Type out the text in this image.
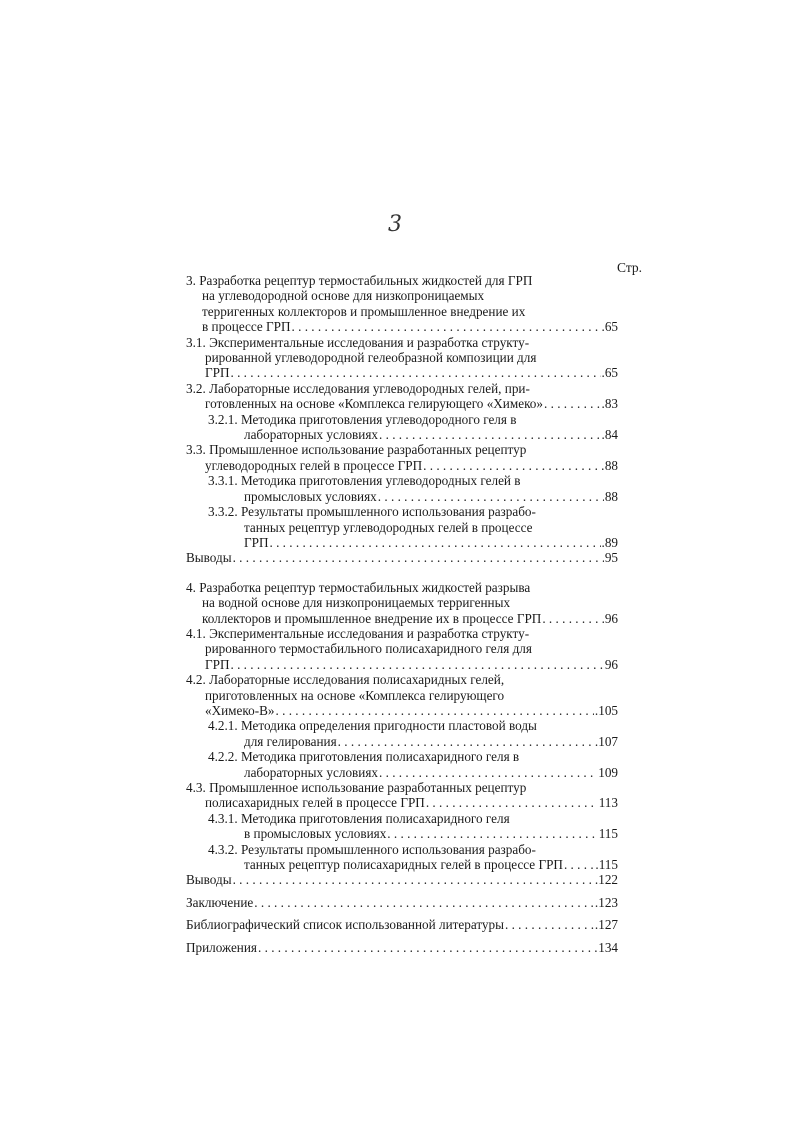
3
Стр.
3. Разработка рецептур термостабильных жидкостей для ГРП
на углеводородной основе для низкопроницаемых
терригенных коллекторов и промышленное внедрение их
в процессе ГРП . . .	.65
3.1. Экспериментальные исследования и разработка структу-
рированной углеводородной гелеобразной композиции для
ГРП . . .	.65
3.2. Лабораторные исследования углеводородных гелей, при-
готовленных на основе «Комплекса гелирующего «Химеко» . . .	.83
3.2.1. Методика приготовления углеводородного геля в
лабораторных условиях . . .	.84
3.3. Промышленное использование разработанных рецептур
углеводородных гелей в процессе ГРП . . .	88
3.3.1. Методика приготовления углеводородных гелей в
промысловых условиях . . .	88
3.3.2. Результаты промышленного использования разрабо-
танных рецептур углеводородных гелей в процессе
ГРП . . .	.89
Выводы . . .	95
4. Разработка рецептур термостабильных жидкостей разрыва
на водной основе для низкопроницаемых терригенных
коллекторов и промышленное внедрение их в процессе ГРП . . .	96
4.1. Экспериментальные исследования и разработка структу-
рированного термостабильного полисахаридного геля для
ГРП . . .	96
4.2. Лабораторные исследования полисахаридных гелей,
приготовленных на основе «Комплекса гелирующего
«Химеко-В» . . .	.105
4.2.1. Методика определения пригодности пластовой воды
для гелирования . . .	.107
4.2.2. Методика приготовления полисахаридного геля в
лабораторных условиях . . .	109
4.3. Промышленное использование разработанных рецептур
полисахаридных гелей в процессе ГРП . . .	113
4.3.1. Методика приготовления полисахаридного геля
в промысловых условиях . . .	115
4.3.2. Результаты промышленного использования разрабо-
танных рецептур полисахаридных гелей в процессе ГРП . . . .115
Выводы . . .	.122
Заключение . . .	.123
Библиографический список использованной литературы . . .	.127
Приложения . . .	134
